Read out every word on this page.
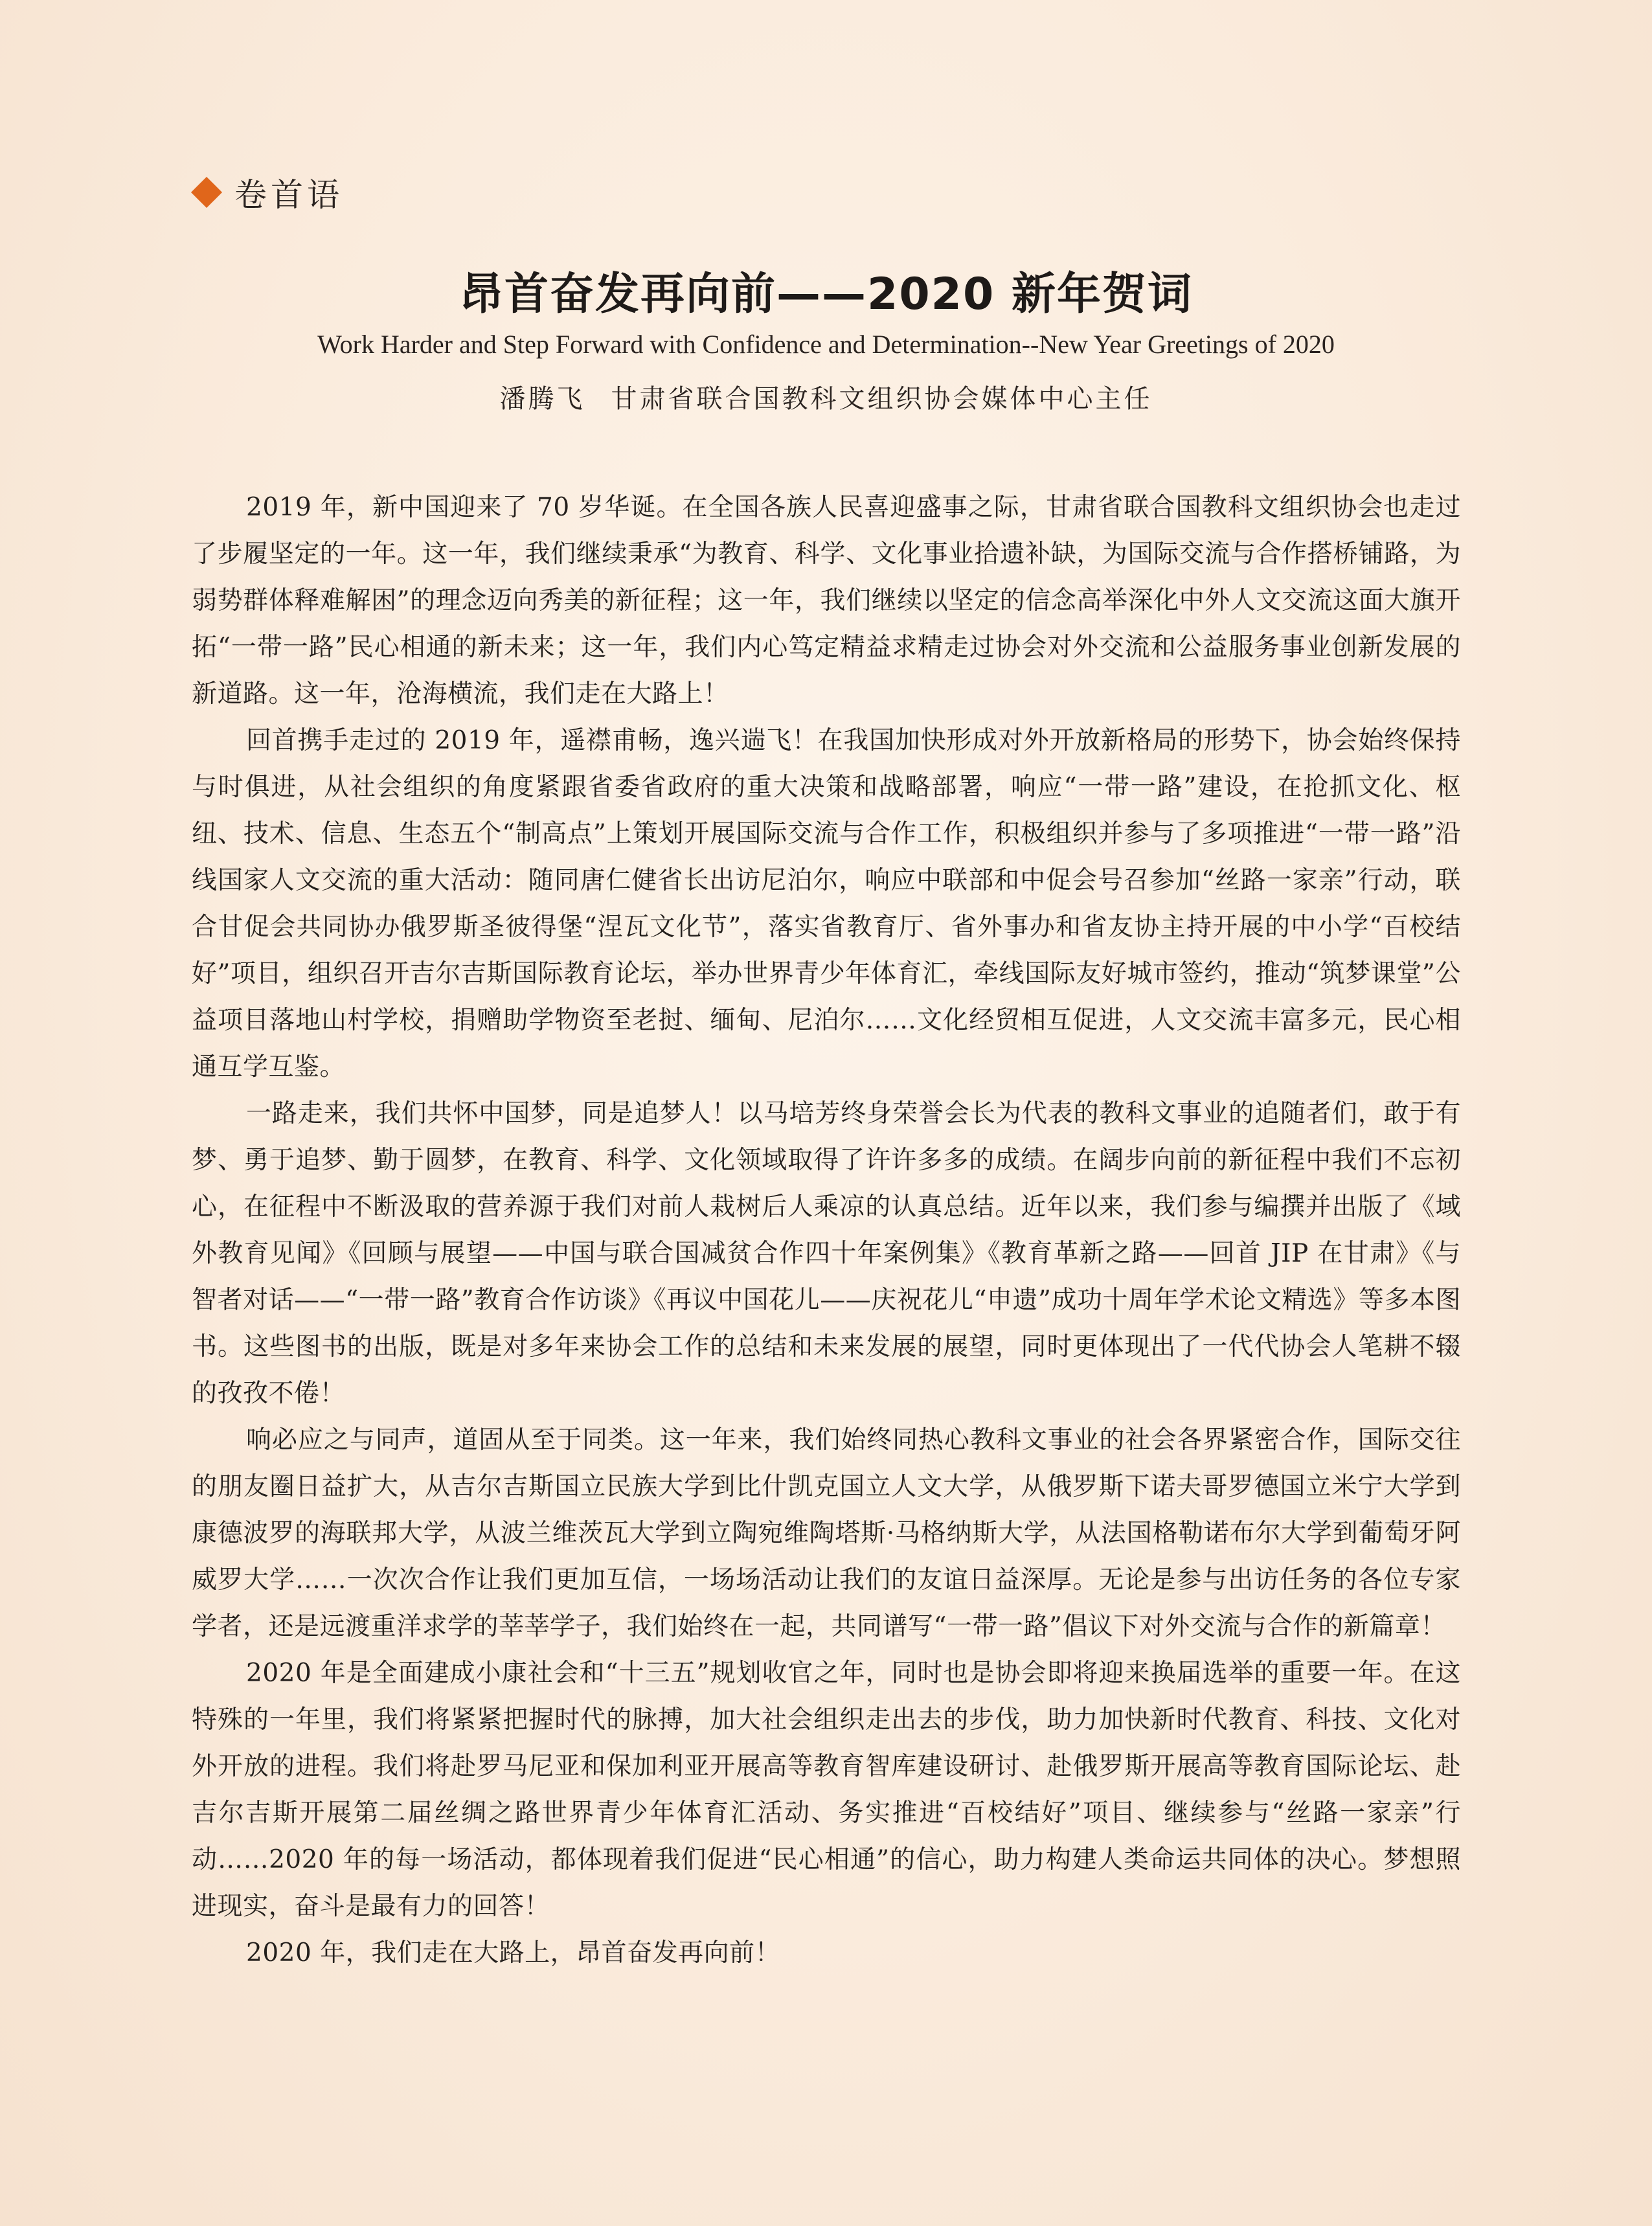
卷首语
昂首奋发再向前——2020 新年贺词
Work Harder and Step Forward with Confidence and Determination--New Year Greetings of 2020
潘腾飞 甘肃省联合国教科文组织协会媒体中心主任

2019 年，新中国迎来了 70 岁华诞。在全国各族人民喜迎盛事之际，甘肃省联合国教科文组织协会也走过了步履坚定的一年。这一年，我们继续秉承“为教育、科学、文化事业拾遗补缺，为国际交流与合作搭桥铺路，为弱势群体释难解困”的理念迈向秀美的新征程；这一年，我们继续以坚定的信念高举深化中外人文交流这面大旗开拓“一带一路”民心相通的新未来；这一年，我们内心笃定精益求精走过协会对外交流和公益服务事业创新发展的新道路。这一年，沧海横流，我们走在大路上！

回首携手走过的 2019 年，遥襟甫畅，逸兴遄飞！在我国加快形成对外开放新格局的形势下，协会始终保持与时俱进，从社会组织的角度紧跟省委省政府的重大决策和战略部署，响应“一带一路”建设，在抢抓文化、枢纽、技术、信息、生态五个“制高点”上策划开展国际交流与合作工作，积极组织并参与了多项推进“一带一路”沿线国家人文交流的重大活动：随同唐仁健省长出访尼泊尔，响应中联部和中促会号召参加“丝路一家亲”行动，联合甘促会共同协办俄罗斯圣彼得堡“涅瓦文化节”，落实省教育厅、省外事办和省友协主持开展的中小学“百校结好”项目，组织召开吉尔吉斯国际教育论坛，举办世界青少年体育汇，牵线国际友好城市签约，推动“筑梦课堂”公益项目落地山村学校，捐赠助学物资至老挝、缅甸、尼泊尔……文化经贸相互促进，人文交流丰富多元，民心相通互学互鉴。

一路走来，我们共怀中国梦，同是追梦人！以马培芳终身荣誉会长为代表的教科文事业的追随者们，敢于有梦、勇于追梦、勤于圆梦，在教育、科学、文化领域取得了许许多多的成绩。在阔步向前的新征程中我们不忘初心，在征程中不断汲取的营养源于我们对前人栽树后人乘凉的认真总结。近年以来，我们参与编撰并出版了《域外教育见闻》《回顾与展望——中国与联合国减贫合作四十年案例集》《教育革新之路——回首 JIP 在甘肃》《与智者对话——“一带一路”教育合作访谈》《再议中国花儿——庆祝花儿“申遗”成功十周年学术论文精选》等多本图书。这些图书的出版，既是对多年来协会工作的总结和未来发展的展望，同时更体现出了一代代协会人笔耕不辍的孜孜不倦！

响必应之与同声，道固从至于同类。这一年来，我们始终同热心教科文事业的社会各界紧密合作，国际交往的朋友圈日益扩大，从吉尔吉斯国立民族大学到比什凯克国立人文大学，从俄罗斯下诺夫哥罗德国立米宁大学到康德波罗的海联邦大学，从波兰维茨瓦大学到立陶宛维陶塔斯·马格纳斯大学，从法国格勒诺布尔大学到葡萄牙阿威罗大学……一次次合作让我们更加互信，一场场活动让我们的友谊日益深厚。无论是参与出访任务的各位专家学者，还是远渡重洋求学的莘莘学子，我们始终在一起，共同谱写“一带一路”倡议下对外交流与合作的新篇章！

2020 年是全面建成小康社会和“十三五”规划收官之年，同时也是协会即将迎来换届选举的重要一年。在这特殊的一年里，我们将紧紧把握时代的脉搏，加大社会组织走出去的步伐，助力加快新时代教育、科技、文化对外开放的进程。我们将赴罗马尼亚和保加利亚开展高等教育智库建设研讨、赴俄罗斯开展高等教育国际论坛、赴吉尔吉斯开展第二届丝绸之路世界青少年体育汇活动、务实推进“百校结好”项目、继续参与“丝路一家亲”行动……2020 年的每一场活动，都体现着我们促进“民心相通”的信心，助力构建人类命运共同体的决心。梦想照进现实，奋斗是最有力的回答！

2020 年，我们走在大路上，昂首奋发再向前！
